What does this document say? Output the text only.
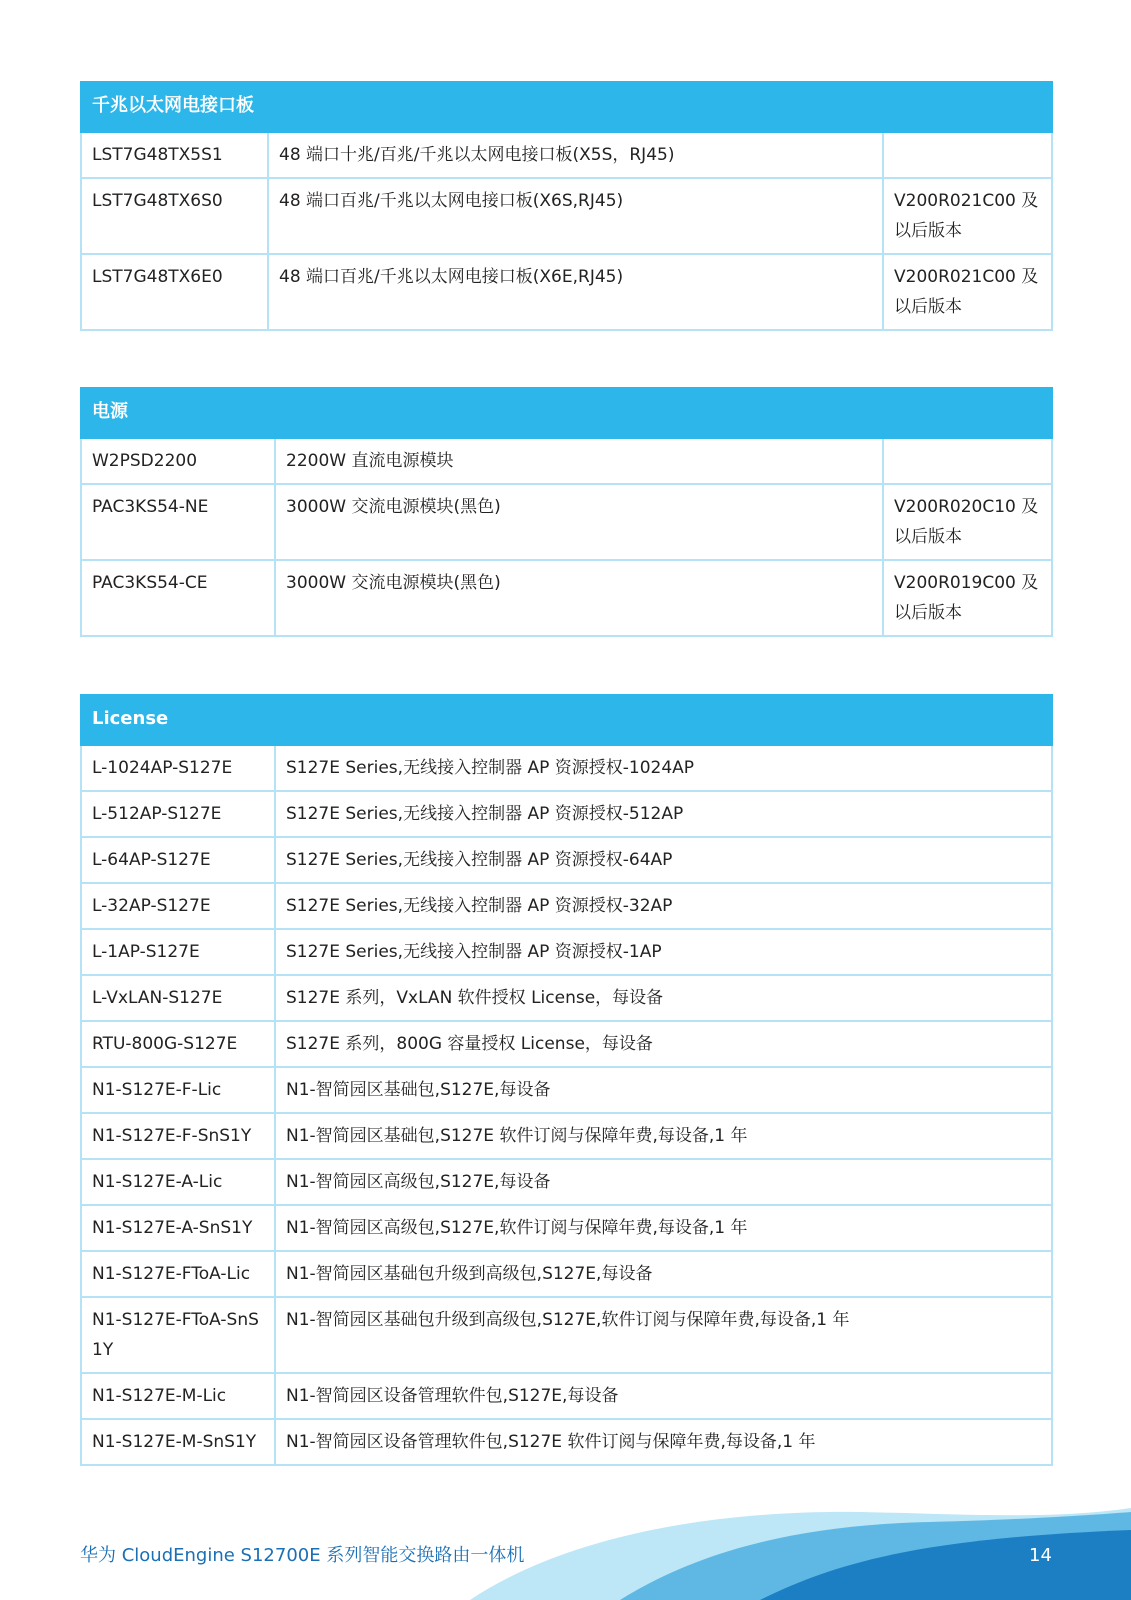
千兆以太网电接口板		
LST7G48TX5S1	48 端口十兆/百兆/千兆以太网电接口板(X5S，RJ45)	
LST7G48TX6S0	48 端口百兆/千兆以太网电接口板(X6S,RJ45)	V200R021C00 及以后版本
LST7G48TX6E0	48 端口百兆/千兆以太网电接口板(X6E,RJ45)	V200R021C00 及以后版本
电源		
W2PSD2200	2200W 直流电源模块	
PAC3KS54-NE	3000W 交流电源模块(黑色)	V200R020C10 及以后版本
PAC3KS54-CE	3000W 交流电源模块(黑色)	V200R019C00 及以后版本
License	
L-1024AP-S127E	S127E Series,无线接入控制器 AP 资源授权-1024AP
L-512AP-S127E	S127E Series,无线接入控制器 AP 资源授权-512AP
L-64AP-S127E	S127E Series,无线接入控制器 AP 资源授权-64AP
L-32AP-S127E	S127E Series,无线接入控制器 AP 资源授权-32AP
L-1AP-S127E	S127E Series,无线接入控制器 AP 资源授权-1AP
L-VxLAN-S127E	S127E 系列，VxLAN 软件授权 License，每设备
RTU-800G-S127E	S127E 系列，800G 容量授权 License，每设备
N1-S127E-F-Lic	N1-智简园区基础包,S127E,每设备
N1-S127E-F-SnS1Y	N1-智简园区基础包,S127E 软件订阅与保障年费,每设备,1 年
N1-S127E-A-Lic	N1-智简园区高级包,S127E,每设备
N1-S127E-A-SnS1Y	N1-智简园区高级包,S127E,软件订阅与保障年费,每设备,1 年
N1-S127E-FToA-Lic	N1-智简园区基础包升级到高级包,S127E,每设备
N1-S127E-FToA-SnS1Y	N1-智简园区基础包升级到高级包,S127E,软件订阅与保障年费,每设备,1 年
N1-S127E-M-Lic	N1-智简园区设备管理软件包,S127E,每设备
N1-S127E-M-SnS1Y	N1-智简园区设备管理软件包,S127E 软件订阅与保障年费,每设备,1 年
华为 CloudEngine S12700E 系列智能交换路由一体机	14
